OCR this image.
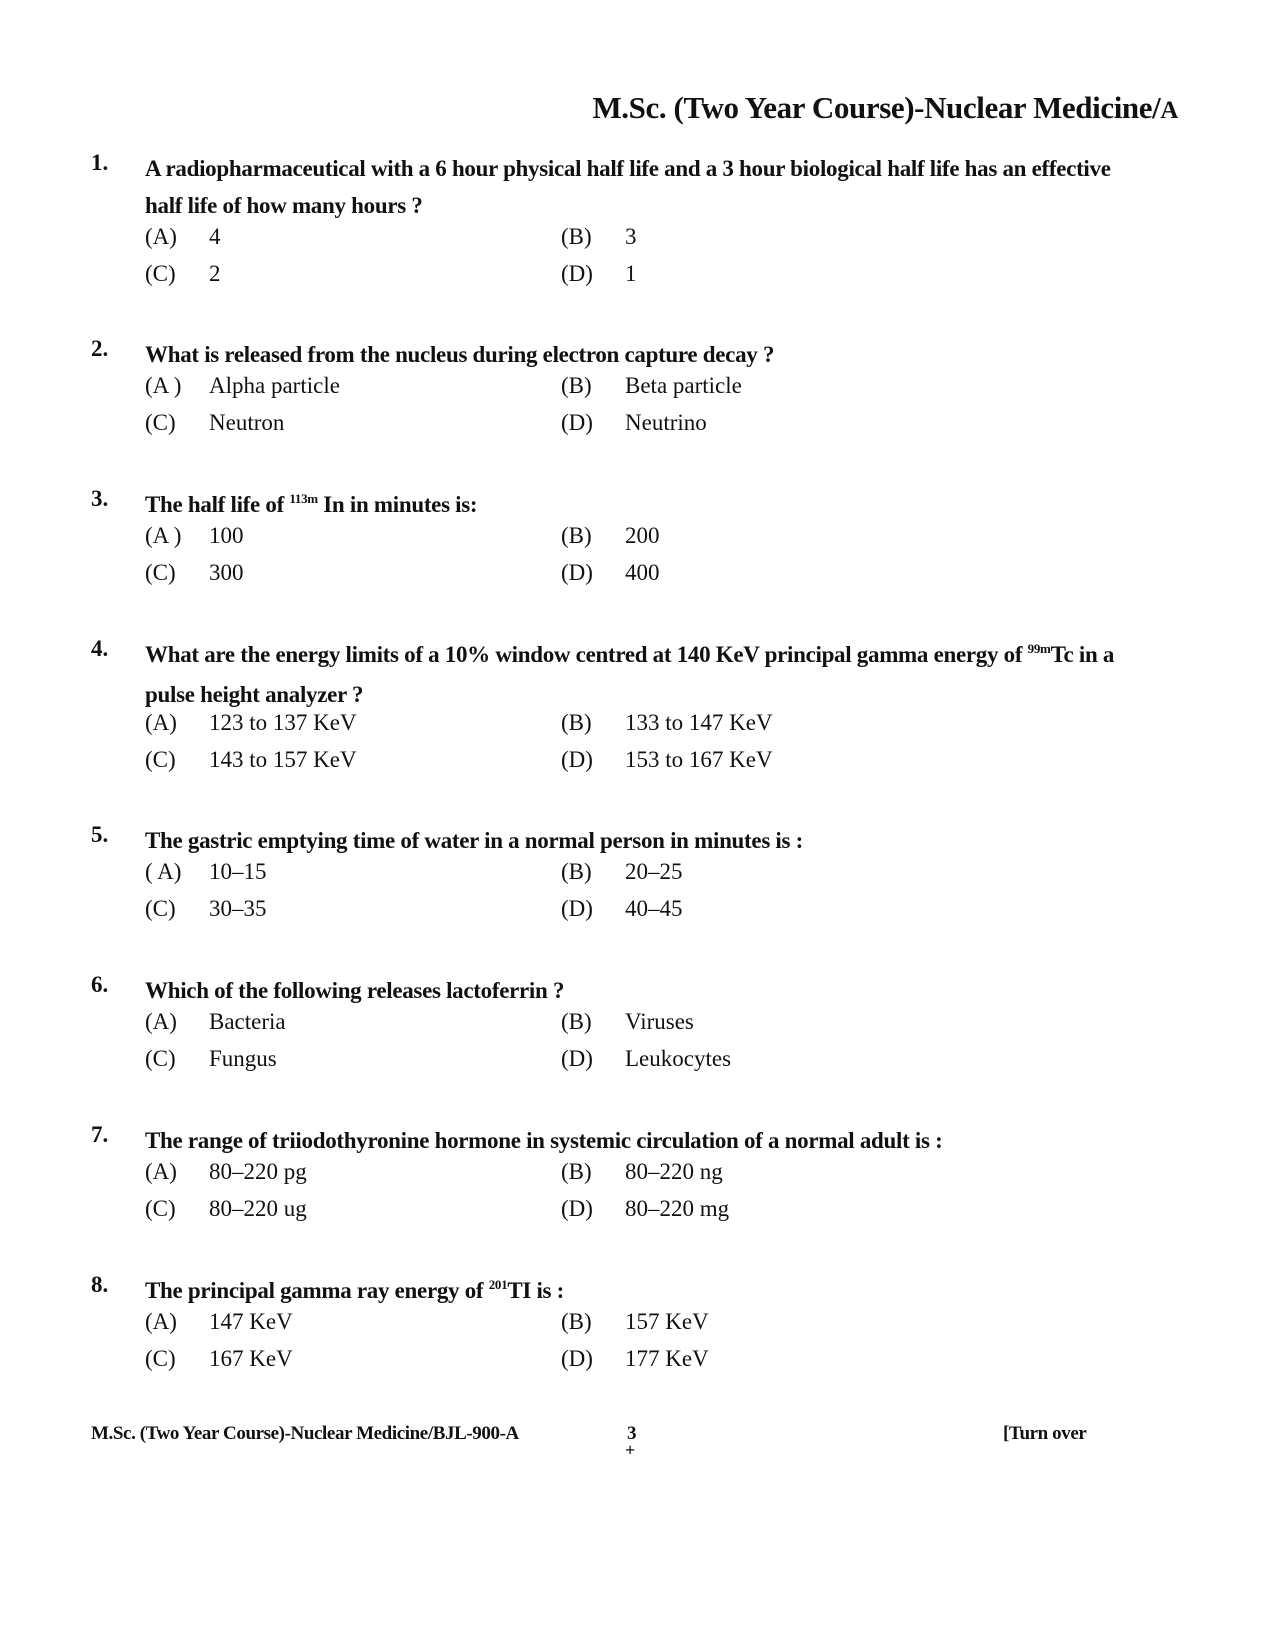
M.Sc. (Two Year Course)-Nuclear Medicine/A
1. A radiopharmaceutical with a 6 hour physical half life and a 3 hour biological half life has an effective half life of how many hours ?
(A) 4	(B) 3
(C) 2	(D) 1
2. What is released from the nucleus during electron capture decay ?
(A ) Alpha particle	(B) Beta particle
(C) Neutron	(D) Neutrino
3. The half life of $^{113m}$ In in minutes is:
(A ) 100	(B) 200
(C) 300	(D) 400
4. What are the energy limits of a 10% window centred at 140 KeV principal gamma energy of $^{99m}$Tc in a pulse height analyzer ?
(A) 123 to 137 KeV	(B) 133 to 147 KeV
(C) 143 to 157 KeV	(D) 153 to 167 KeV
5. The gastric emptying time of water in a normal person in minutes is :
( A) 10–15	(B) 20–25
(C) 30–35	(D) 40–45
6. Which of the following releases lactoferrin ?
(A) Bacteria	(B) Viruses
(C) Fungus	(D) Leukocytes
7. The range of triiodothyronine hormone in systemic circulation of a normal adult is :
(A) 80–220 pg	(B) 80–220 ng
(C) 80–220 ug	(D) 80–220 mg
8. The principal gamma ray energy of $^{201}$TI is :
(A) 147 KeV	(B) 157 KeV
(C) 167 KeV	(D) 177 KeV
M.Sc. (Two Year Course)-Nuclear Medicine/BJL-900-A	3
+
[Turn over
